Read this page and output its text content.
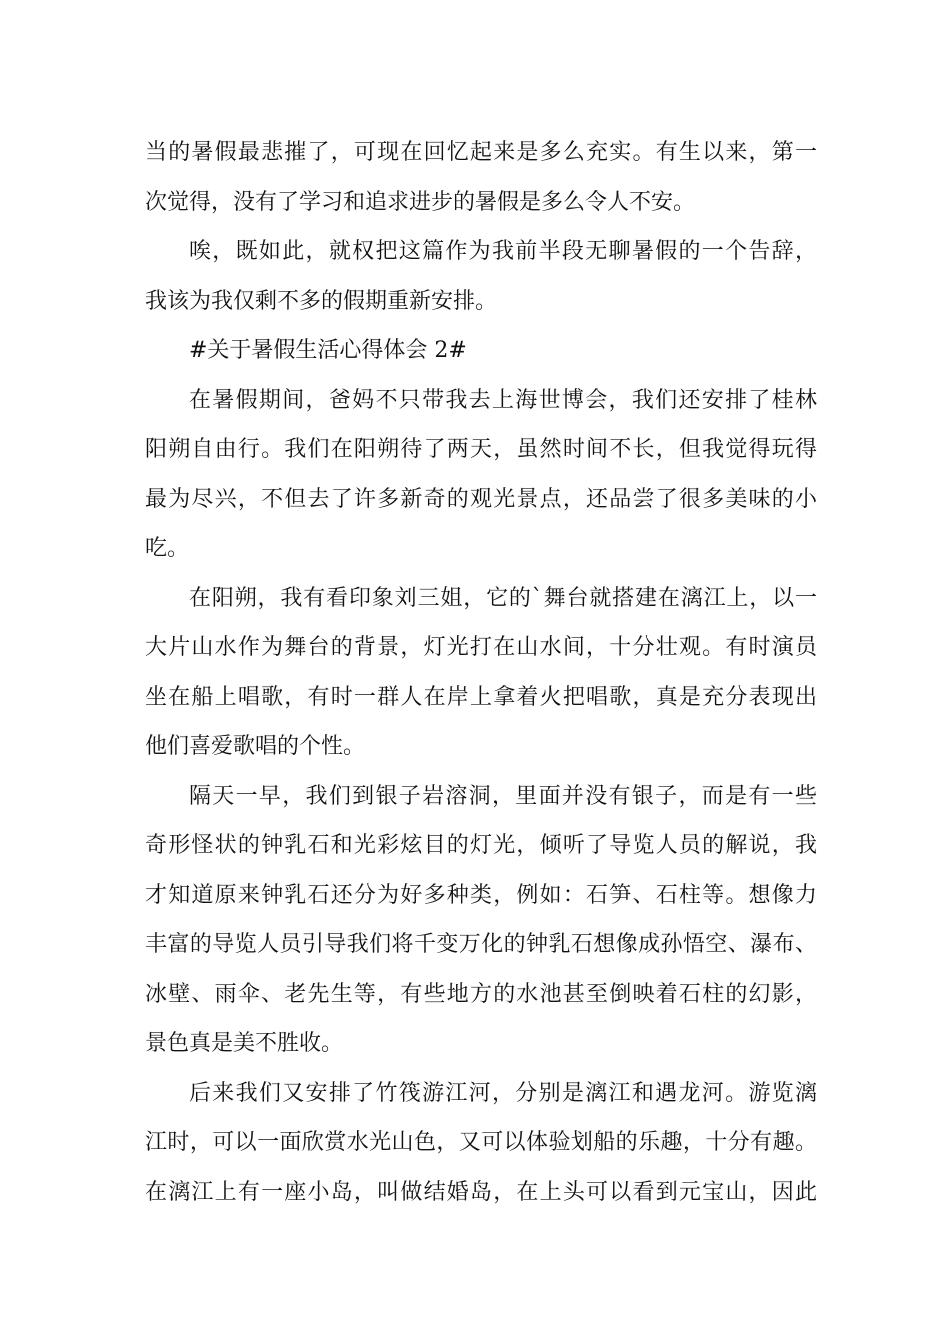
当的暑假最悲摧了，可现在回忆起来是多么充实。有生以来，第一
次觉得，没有了学习和追求进步的暑假是多么令人不安。
唉，既如此，就权把这篇作为我前半段无聊暑假的一个告辞，
我该为我仅剩不多的假期重新安排。
#关于暑假生活心得体会 2#
在暑假期间，爸妈不只带我去上海世博会，我们还安排了桂林
阳朔自由行。我们在阳朔待了两天，虽然时间不长，但我觉得玩得
最为尽兴，不但去了许多新奇的观光景点，还品尝了很多美味的小
吃。
在阳朔，我有看印象刘三姐，它的`舞台就搭建在漓江上，以一
大片山水作为舞台的背景，灯光打在山水间，十分壮观。有时演员
坐在船上唱歌，有时一群人在岸上拿着火把唱歌，真是充分表现出
他们喜爱歌唱的个性。
隔天一早，我们到银子岩溶洞，里面并没有银子，而是有一些
奇形怪状的钟乳石和光彩炫目的灯光，倾听了导览人员的解说，我
才知道原来钟乳石还分为好多种类，例如：石笋、石柱等。想像力
丰富的导览人员引导我们将千变万化的钟乳石想像成孙悟空、瀑布、
冰壁、雨伞、老先生等，有些地方的水池甚至倒映着石柱的幻影，
景色真是美不胜收。
后来我们又安排了竹筏游江河，分别是漓江和遇龙河。游览漓
江时，可以一面欣赏水光山色，又可以体验划船的乐趣，十分有趣。
在漓江上有一座小岛，叫做结婚岛，在上头可以看到元宝山，因此
